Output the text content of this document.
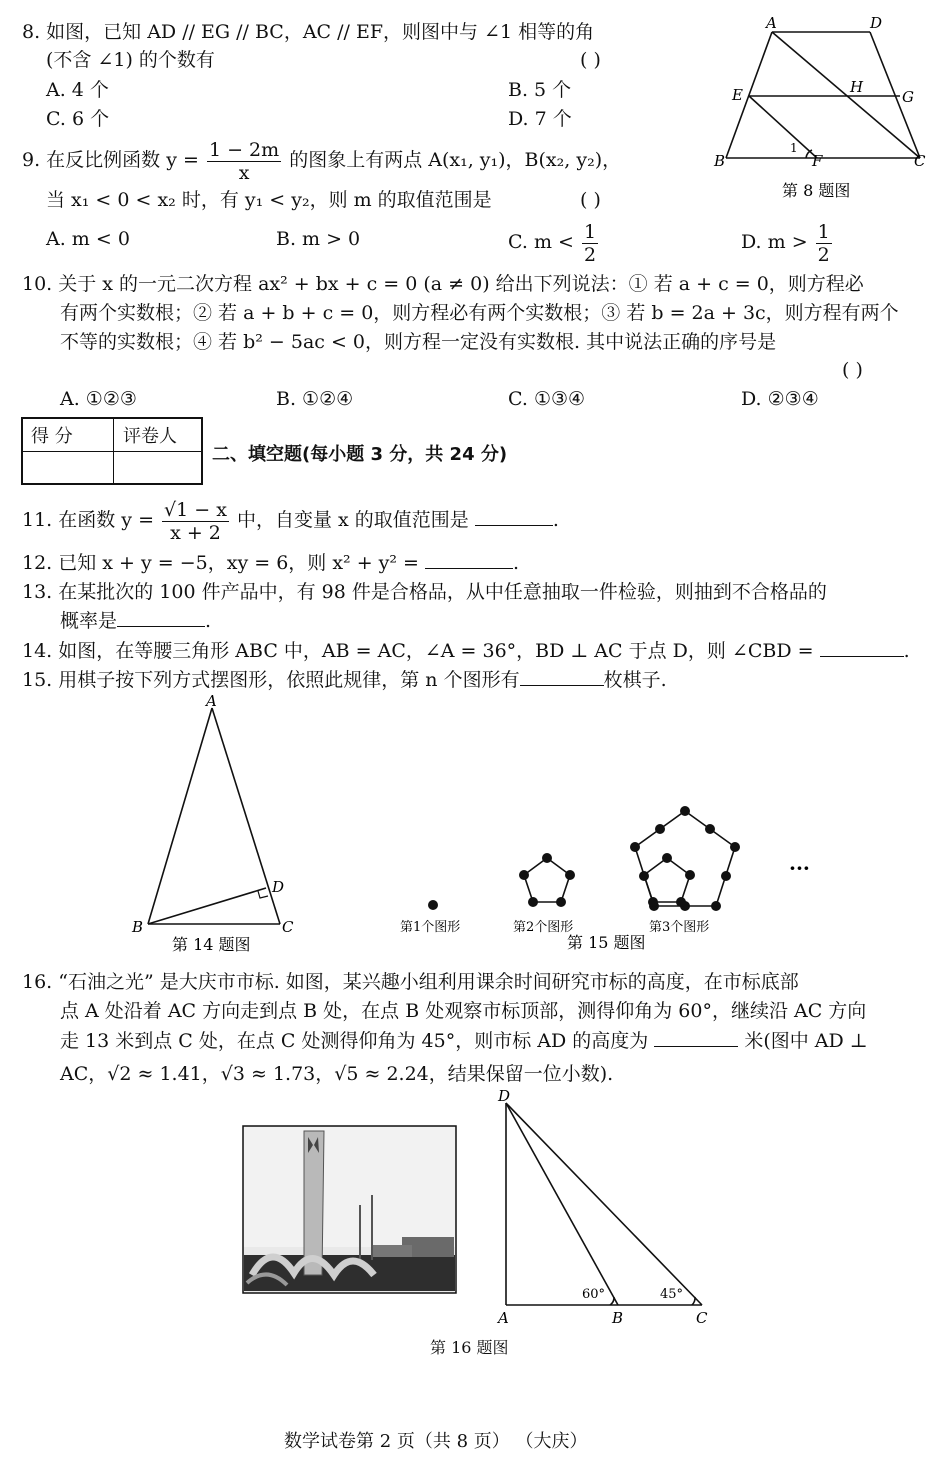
8. 如图，已知 AD // EG // BC，AC // EF，则图中与 ∠1 相等的角
(不含 ∠1) 的个数有	( )
A. 4 个	B. 5 个
C. 6 个	D. 7 个
A	D
E	H
G
B	F	C
1
第 8 题图
9. 在反比例函数 $y = \frac{1 - 2m}{x}$ 的图象上有两点 A(x₁, y₁)，B(x₂, y₂)，
当 x₁ < 0 < x₂ 时，有 y₁ < y₂，则 m 的取值范围是	( )
A. m < 0	B. m > 0	C. $m < \frac{1}{2}$	D. $m > \frac{1}{2}$
10. 关于 x 的一元二次方程 ax² + bx + c = 0 (a ≠ 0) 给出下列说法：① 若 a + c = 0，则方程必
有两个实数根；② 若 a + b + c = 0，则方程必有两个实数根；③ 若 b = 2a + 3c，则方程有两个
不等的实数根；④ 若 b² − 5ac < 0，则方程一定没有实数根. 其中说法正确的序号是
( )
A. ①②③	B. ①②④	C. ①③④	D. ②③④
得 分	评卷人
二、填空题(每小题 3 分，共 24 分)
11. 在函数 $y = \frac{√1 - x}{x + 2}$ 中，自变量 x 的取值范围是	.
12. 已知 x + y = −5，xy = 6，则 x² + y² =	.
13. 在某批次的 100 件产品中，有 98 件是合格品，从中任意抽取一件检验，则抽到不合格品的
概率是	.
14. 如图，在等腰三角形 ABC 中，AB = AC，∠A = 36°，BD ⊥ AC 于点 D，则 ∠CBD =	.
15. 用棋子按下列方式摆图形，依照此规律，第 n 个图形有	枚棋子.
A
B	C
D
第 14 题图
···
第1个图形	第2个图形	第3个图形
第 15 题图
16. “石油之光” 是大庆市市标. 如图，某兴趣小组利用课余时间研究市标的高度，在市标底部
点 A 处沿着 AC 方向走到点 B 处，在点 B 处观察市标顶部，测得仰角为 60°，继续沿 AC 方向
走 13 米到点 C 处，在点 C 处测得仰角为 45°，则市标 AD 的高度为	米(图中 AD ⊥
AC，√2 ≈ 1.41，√3 ≈ 1.73，√5 ≈ 2.24，结果保留一位小数).
D
A	B	C
60°	45°
第 16 题图
数学试卷第 2 页（共 8 页） （大庆）
